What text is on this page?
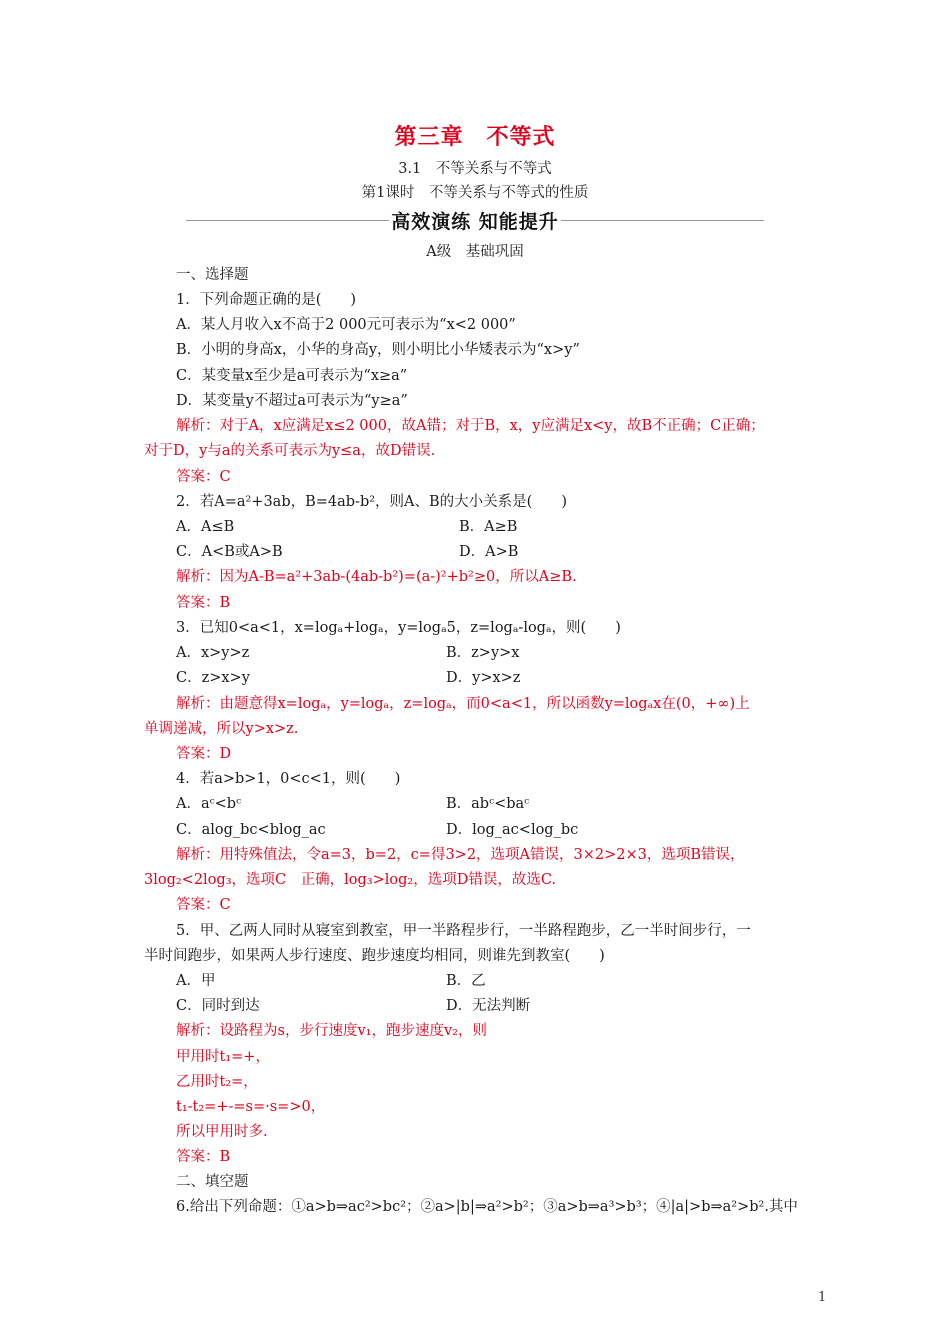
第三章　不等式
3.1　不等关系与不等式
第1课时　不等关系与不等式的性质
高效演练 知能提升
A级　基础巩固
一、选择题
1．下列命题正确的是(　　)
A．某人月收入x不高于2 000元可表示为“x<2 000”
B．小明的身高x，小华的身高y，则小明比小华矮表示为“x>y”
C．某变量x至少是a可表示为“x≥a”
D．某变量y不超过a可表示为“y≥a”
解析：对于A，x应满足x≤2 000，故A错；对于B，x，y应满足x<y，故B不正确；C正确；
对于D，y与a的关系可表示为y≤a，故D错误.
答案：C
2．若A=a²+3ab，B=4ab-b²，则A、B的大小关系是(　　)
A．A≤B	B．A≥B
C．A<B或A>B	D．A>B
解析：因为A-B=a²+3ab-(4ab-b²)=(a-)²+b²≥0，所以A≥B.
答案：B
3．已知0<a<1，x=logₐ+logₐ，y=logₐ5，z=logₐ-logₐ，则(　　)
A．x>y>z	B．z>y>x
C．z>x>y	D．y>x>z
解析：由题意得x=logₐ，y=logₐ，z=logₐ，而0<a<1，所以函数y=logₐx在(0，+∞)上
单调递减，所以y>x>z.
答案：D
4．若a>b>1，0<c<1，则(　　)
A．aᶜ<bᶜ	B．abᶜ<baᶜ
C．alog_bc<blog_ac	D．log_ac<log_bc
解析：用特殊值法，令a=3，b=2，c=得3>2，选项A错误，3×2>2×3，选项B错误，
3log₂<2log₃，选项C　正确，log₃>log₂，选项D错误，故选C.
答案：C
5．甲、乙两人同时从寝室到教室，甲一半路程步行，一半路程跑步，乙一半时间步行，一
半时间跑步，如果两人步行速度、跑步速度均相同，则谁先到教室(　　)
A．甲	B．乙
C．同时到达	D．无法判断
解析：设路程为s，步行速度v₁，跑步速度v₂，则
甲用时t₁=+，
乙用时t₂=，
t₁-t₂=+-=s=·s=>0，
所以甲用时多.
答案：B
二、填空题
6.给出下列命题：①a>b⇒ac²>bc²；②a>|b|⇒a²>b²；③a>b⇒a³>b³；④|a|>b⇒a²>b².其中
1
